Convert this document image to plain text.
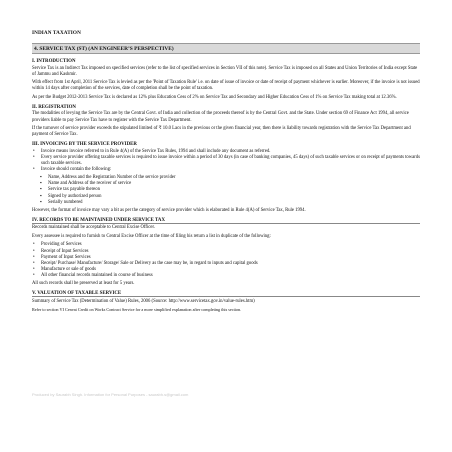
INDIAN TAXATION
4. SERVICE TAX (ST) (AN ENGINEER’S PERSPECTIVE)
I. INTRODUCTION

Service Tax is an Indirect Tax imposed on specified services (refer to the list of specified services in Section VII of this note). Service Tax is imposed on all States and Union Territories of India except State of Jammu and Kashmir.

With effect from 1st April, 2011 Service Tax is levied as per the 'Point of Taxation Rule' i.e. on date of issue of invoice or date of receipt of payment whichever is earlier. Moreover, if the invoice is not issued within 14 days after completion of the services, date of completion shall be the point of taxation.

As per the Budget 2012-2013 Service Tax is declared as 12% plus Education Cess of 2% on Service Tax and Secondary and Higher Education Cess of 1% on Service Tax making total at 12.36%.

II. REGISTRATION

The modalities of levying the Service Tax are by the Central Govt. of India and collection of the proceeds thereof is by the Central Govt. and the State. Under section 69 of Finance Act 1994, all service providers liable to pay Service Tax have to register with the Service Tax Department.

If the turnover of service provider exceeds the stipulated limited of ₹ 10.0 Lacs in the previous or the given financial year, then there is liability towards registration with the Service Tax Department and payment of Service Tax.

III. INVOICING BY THE SERVICE PROVIDER
• Invoice means invoice referred to in Rule 4(A) of the Service Tax Rules, 1994 and shall include any document as referred.
• Every service provider offering taxable services is required to issue invoice within a period of 30 days (in case of banking companies, 45 days) of such taxable services or on receipt of payments towards such taxable services.
• Invoice should contain the following:
▪ Name, Address and the Registration Number of the service provider
▪ Name and Address of the receiver of service
▪ Service tax payable thereon
▪ Signed by authorized person
▪ Serially numbered

However, the format of invoice may vary a bit as per the category of service provider which is elaborated in Rule 4(A) of Service Tax, Rule 1994.

IV. RECORDS TO BE MAINTAINED UNDER SERVICE TAX

Records maintained shall be acceptable to Central Excise Officer.

Every assessee is required to furnish to Central Excise Officer at the time of filing his return a list in duplicate of the following:

• Providing of Services
• Receipt of Input Services
• Payment of Input Services
• Receipt/ Purchase/ Manufacture/ Storage/ Sale or Delivery as the case may be, in regard to inputs and capital goods
• Manufacture or sale of goods
• All other financial records maintained in course of business

All such records shall be preserved at least for 5 years.

V. VALUATION OF TAXABLE SERVICE

Summary of Service Tax (Determination of Value) Rules, 2006 (Source: http://www.servicetax.gov.in/value-rules.htm)

Refer to section VI Cenvat Credit on Works Contract Service for a more simplified explanation after completing this section.

Produced by Saurabh Singh. Information for Personal Purposes - saurabh.s@gmail.com
